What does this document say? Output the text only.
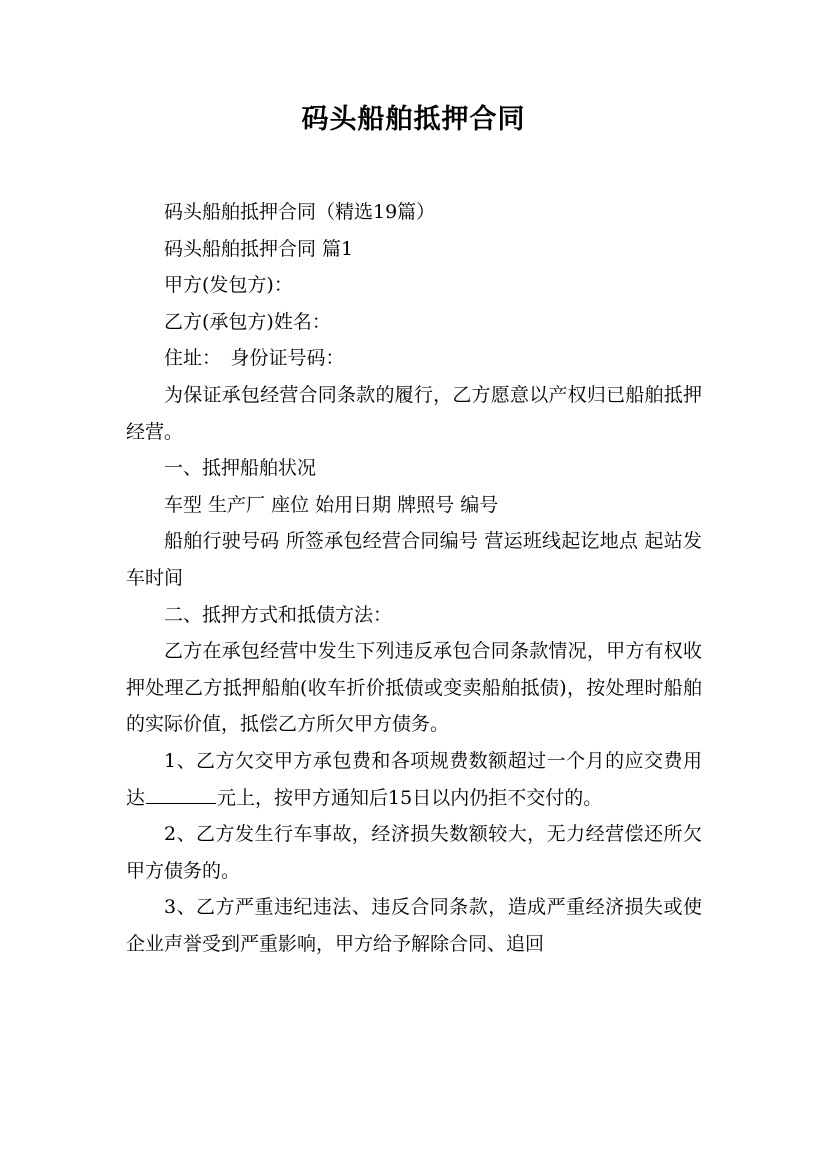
码头船舶抵押合同

码头船舶抵押合同（精选19篇）

码头船舶抵押合同 篇1

甲方(发包方)：

乙方(承包方)姓名：

住址：　身份证号码：

为保证承包经营合同条款的履行，乙方愿意以产权归已船舶抵押经营。

一、抵押船舶状况

车型 生产厂 座位 始用日期 牌照号 编号

船舶行驶号码 所签承包经营合同编号 营运班线起讫地点 起站发车时间

二、抵押方式和抵债方法：

乙方在承包经营中发生下列违反承包合同条款情况，甲方有权收押处理乙方抵押船舶(收车折价抵债或变卖船舶抵债)，按处理时船舶的实际价值，抵偿乙方所欠甲方债务。

1、乙方欠交甲方承包费和各项规费数额超过一个月的应交费用达	元上，按甲方通知后15日以内仍拒不交付的。

2、乙方发生行车事故，经济损失数额较大，无力经营偿还所欠甲方债务的。

3、乙方严重违纪违法、违反合同条款，造成严重经济损失或使企业声誉受到严重影响，甲方给予解除合同、追回
